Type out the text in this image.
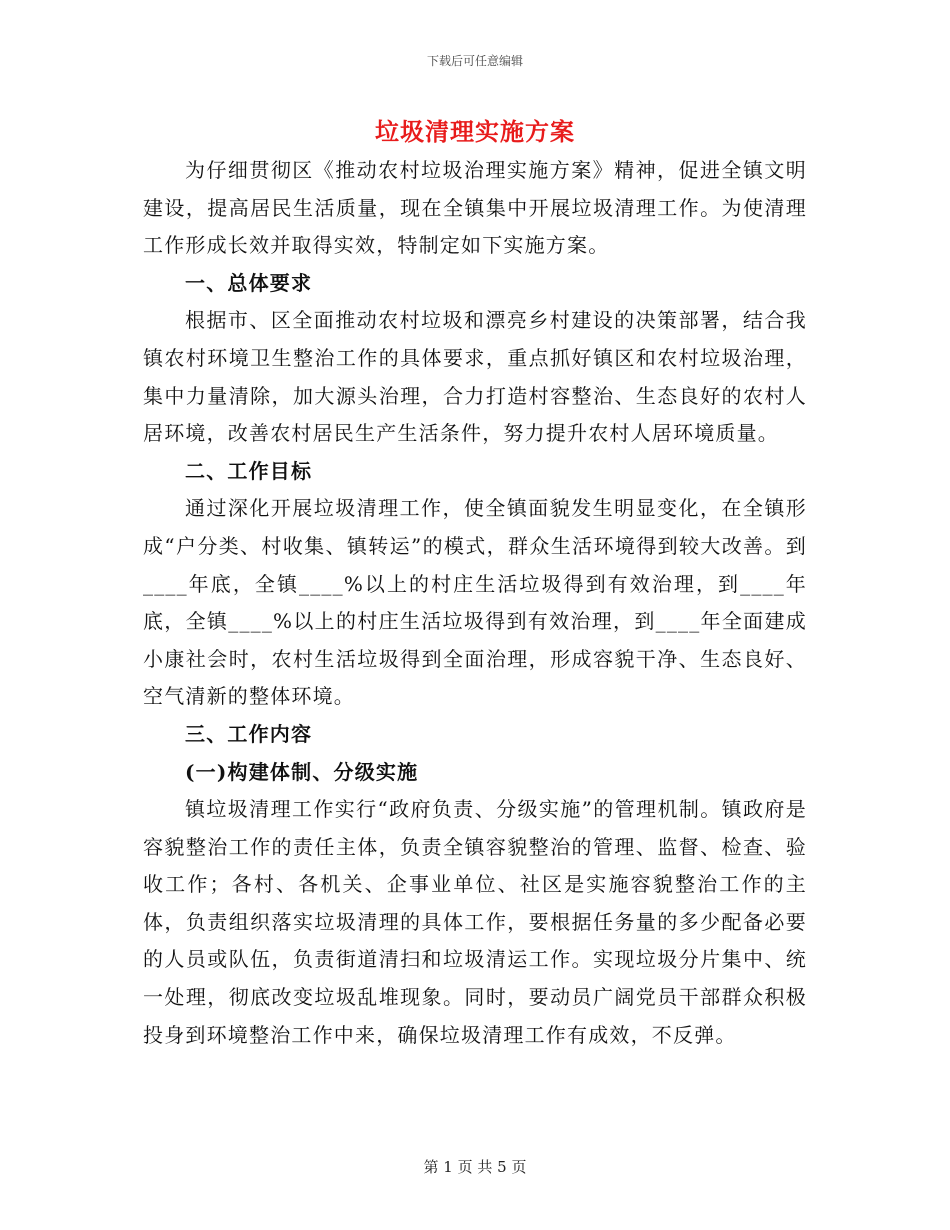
下载后可任意编辑
垃圾清理实施方案

为仔细贯彻区《推动农村垃圾治理实施方案》精神，促进全镇文明建设，提高居民生活质量，现在全镇集中开展垃圾清理工作。为使清理工作形成长效并取得实效，特制定如下实施方案。

一、总体要求

根据市、区全面推动农村垃圾和漂亮乡村建设的决策部署，结合我镇农村环境卫生整治工作的具体要求，重点抓好镇区和农村垃圾治理，集中力量清除，加大源头治理，合力打造村容整治、生态良好的农村人居环境，改善农村居民生产生活条件，努力提升农村人居环境质量。

二、工作目标

通过深化开展垃圾清理工作，使全镇面貌发生明显变化，在全镇形成“户分类、村收集、镇转运”的模式，群众生活环境得到较大改善。到____年底，全镇____%以上的村庄生活垃圾得到有效治理，到____年底，全镇____%以上的村庄生活垃圾得到有效治理，到____年全面建成小康社会时，农村生活垃圾得到全面治理，形成容貌干净、生态良好、空气清新的整体环境。

三、工作内容

(一)构建体制、分级实施

镇垃圾清理工作实行“政府负责、分级实施”的管理机制。镇政府是容貌整治工作的责任主体，负责全镇容貌整治的管理、监督、检查、验收工作；各村、各机关、企事业单位、社区是实施容貌整治工作的主体，负责组织落实垃圾清理的具体工作，要根据任务量的多少配备必要的人员或队伍，负责街道清扫和垃圾清运工作。实现垃圾分片集中、统一处理，彻底改变垃圾乱堆现象。同时，要动员广阔党员干部群众积极投身到环境整治工作中来，确保垃圾清理工作有成效，不反弹。

第 1 页 共 5 页
